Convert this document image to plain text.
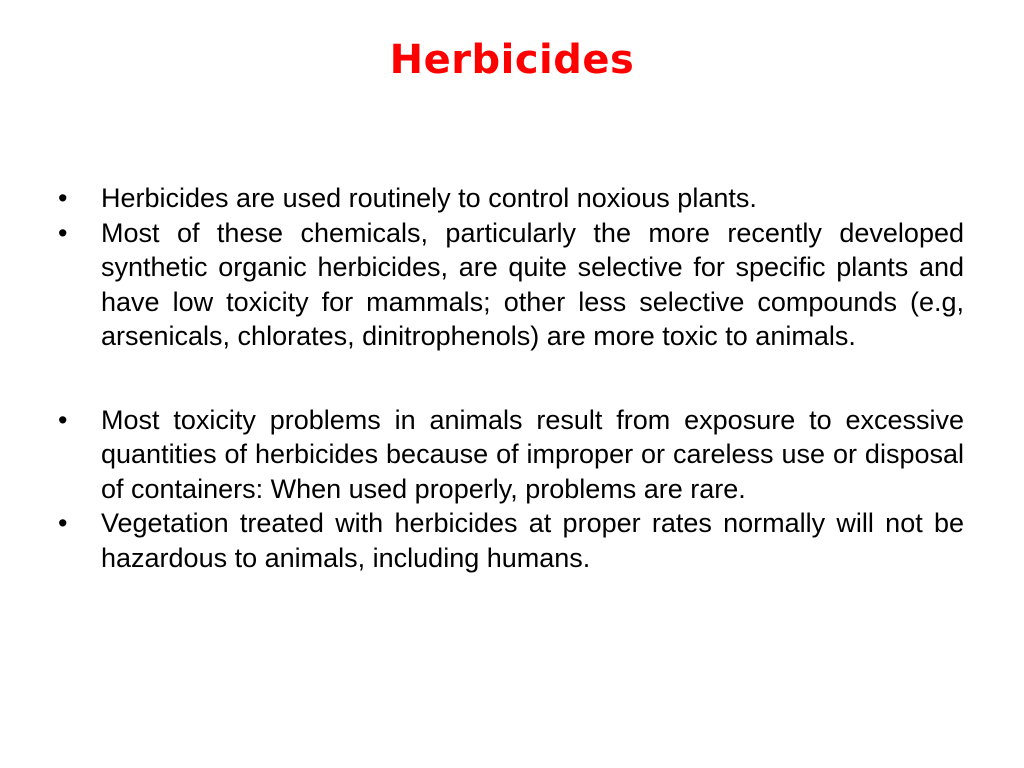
Herbicides
•	Herbicides are used routinely to control noxious plants.
•	Most of these chemicals, particularly the more recently developed synthetic organic herbicides, are quite selective for specific plants and have low toxicity for mammals; other less selective compounds (e.g, arsenicals, chlorates, dinitrophenols) are more toxic to animals.
•	Most toxicity problems in animals result from exposure to excessive quantities of herbicides because of improper or careless use or disposal of containers: When used properly, problems are rare.
•	Vegetation treated with herbicides at proper rates normally will not be hazardous to animals, including humans.
